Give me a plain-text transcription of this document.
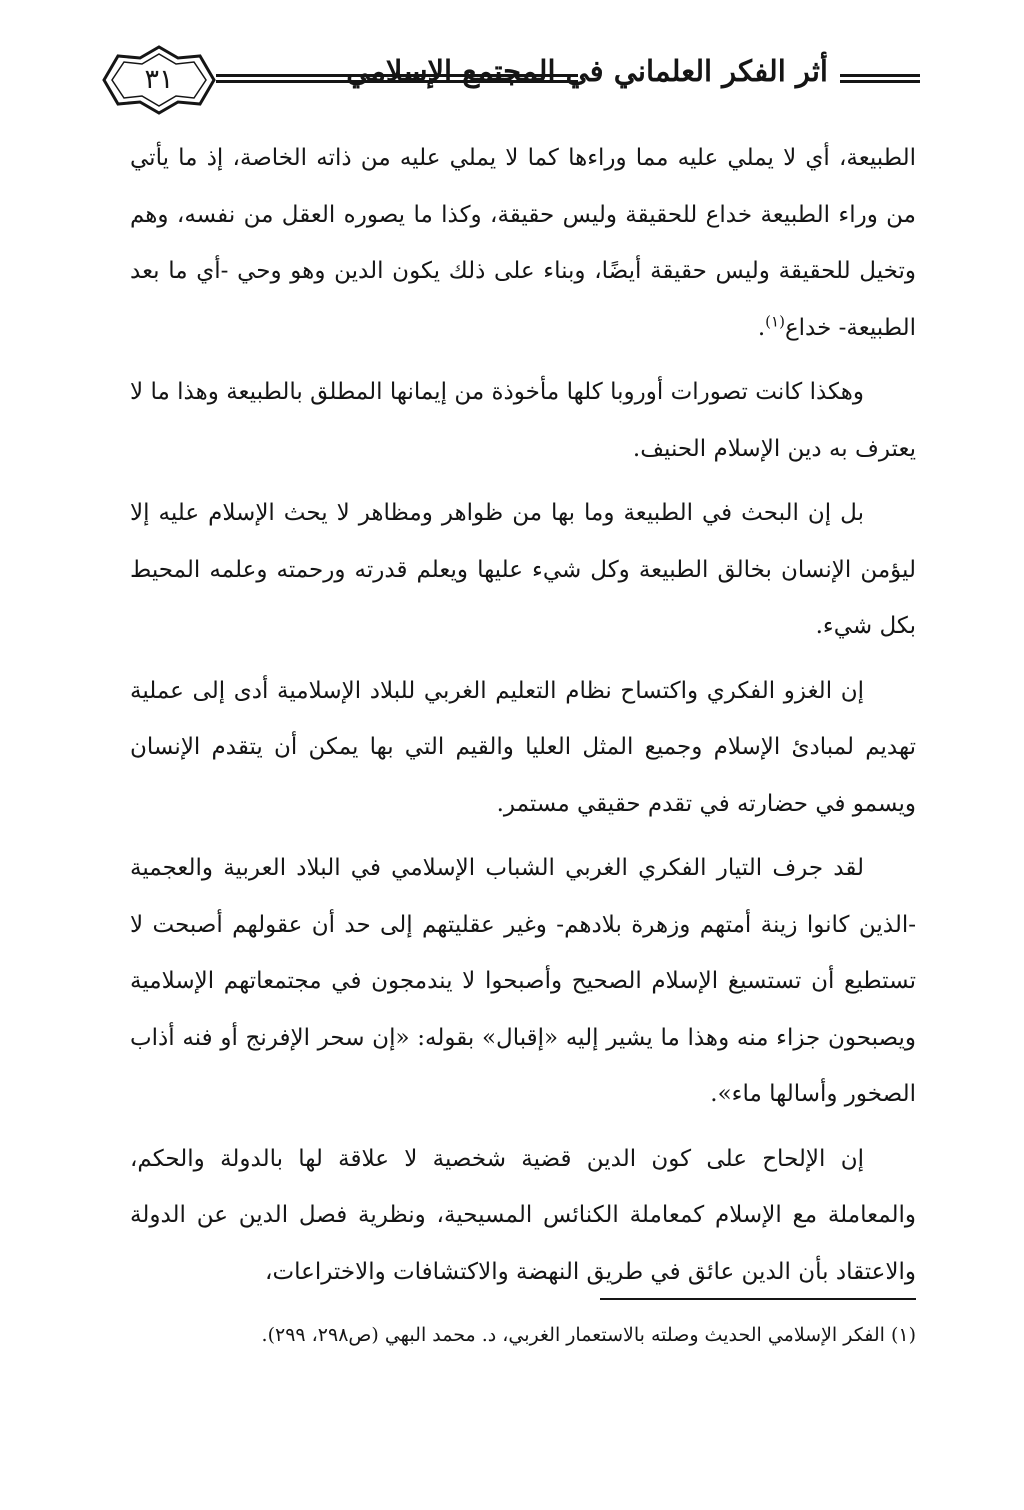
٣١	أثر الفكر العلماني في المجتمع الإسلامي

الطبيعة، أي لا يملي عليه مما وراءها كما لا يملي عليه من ذاته الخاصة، إذ ما يأتي من وراء الطبيعة خداع للحقيقة وليس حقيقة، وكذا ما يصوره العقل من نفسه، وهم وتخيل للحقيقة وليس حقيقة أيضًا، وبناء على ذلك يكون الدين وهو وحي -أي ما بعد الطبيعة- خداع$^{(١)}$.

وهكذا كانت تصورات أوروبا كلها مأخوذة من إيمانها المطلق بالطبيعة وهذا ما لا يعترف به دين الإسلام الحنيف.

بل إن البحث في الطبيعة وما بها من ظواهر ومظاهر لا يحث الإسلام عليه إلا ليؤمن الإنسان بخالق الطبيعة وكل شيء عليها ويعلم قدرته ورحمته وعلمه المحيط بكل شيء.

إن الغزو الفكري واكتساح نظام التعليم الغربي للبلاد الإسلامية أدى إلى عملية تهديم لمبادئ الإسلام وجميع المثل العليا والقيم التي بها يمكن أن يتقدم الإنسان ويسمو في حضارته في تقدم حقيقي مستمر.

لقد جرف التيار الفكري الغربي الشباب الإسلامي في البلاد العربية والعجمية -الذين كانوا زينة أمتهم وزهرة بلادهم- وغير عقليتهم إلى حد أن عقولهم أصبحت لا تستطيع أن تستسيغ الإسلام الصحيح وأصبحوا لا يندمجون في مجتمعاتهم الإسلامية ويصبحون جزاء منه وهذا ما يشير إليه «إقبال» بقوله: «إن سحر الإفرنج أو فنه أذاب الصخور وأسالها ماء».

إن الإلحاح على كون الدين قضية شخصية لا علاقة لها بالدولة والحكم، والمعاملة مع الإسلام كمعاملة الكنائس المسيحية، ونظرية فصل الدين عن الدولة والاعتقاد بأن الدين عائق في طريق النهضة والاكتشافات والاختراعات،

(١) الفكر الإسلامي الحديث وصلته بالاستعمار الغربي، د. محمد البهي (ص٢٩٨، ٢٩٩).
